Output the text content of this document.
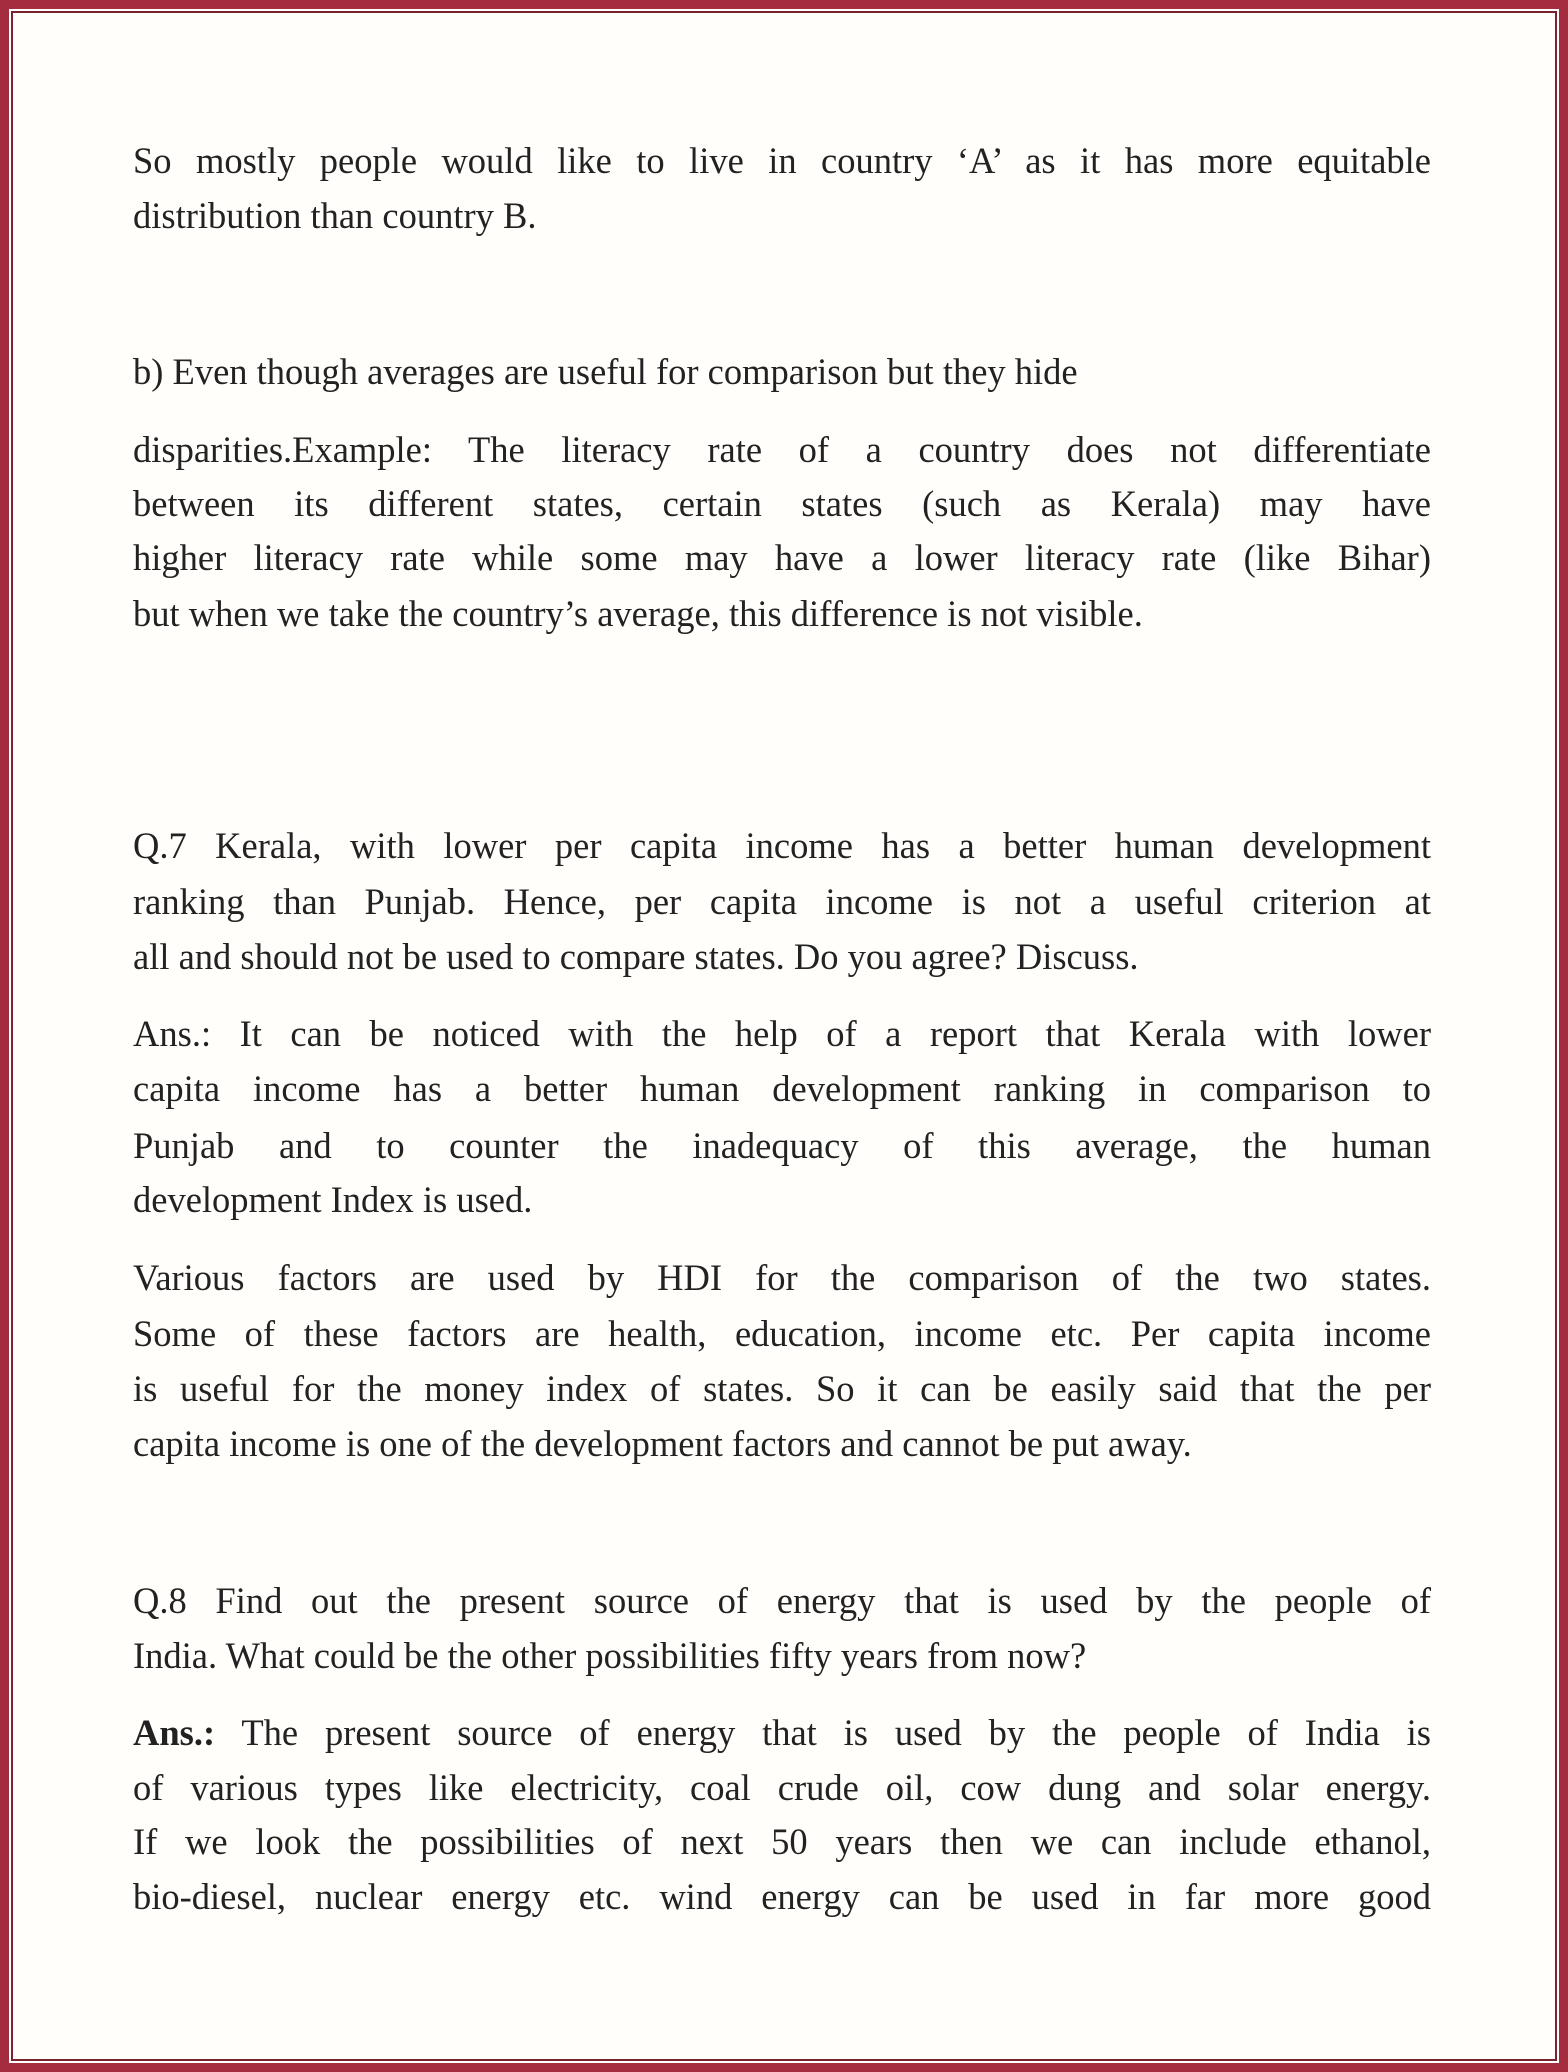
So mostly people would like to live in country ‘A’ as it has more equitable
distribution than country B.
b) Even though averages are useful for comparison but they hide
disparities.Example: The literacy rate of a country does not differentiate
between its different states, certain states (such as Kerala) may have
higher literacy rate while some may have a lower literacy rate (like Bihar)
but when we take the country’s average, this difference is not visible.
Q.7 Kerala, with lower per capita income has a better human development
ranking than Punjab. Hence, per capita income is not a useful criterion at
all and should not be used to compare states. Do you agree? Discuss.
Ans.: It can be noticed with the help of a report that Kerala with lower
capita income has a better human development ranking in comparison to
Punjab and to counter the inadequacy of this average, the human
development Index is used.
Various factors are used by HDI for the comparison of the two states.
Some of these factors are health, education, income etc. Per capita income
is useful for the money index of states. So it can be easily said that the per
capita income is one of the development factors and cannot be put away.
Q.8 Find out the present source of energy that is used by the people of
India. What could be the other possibilities fifty years from now?
Ans.: The present source of energy that is used by the people of India is
of various types like electricity, coal crude oil, cow dung and solar energy.
If we look the possibilities of next 50 years then we can include ethanol,
bio-diesel, nuclear energy etc. wind energy can be used in far more good
